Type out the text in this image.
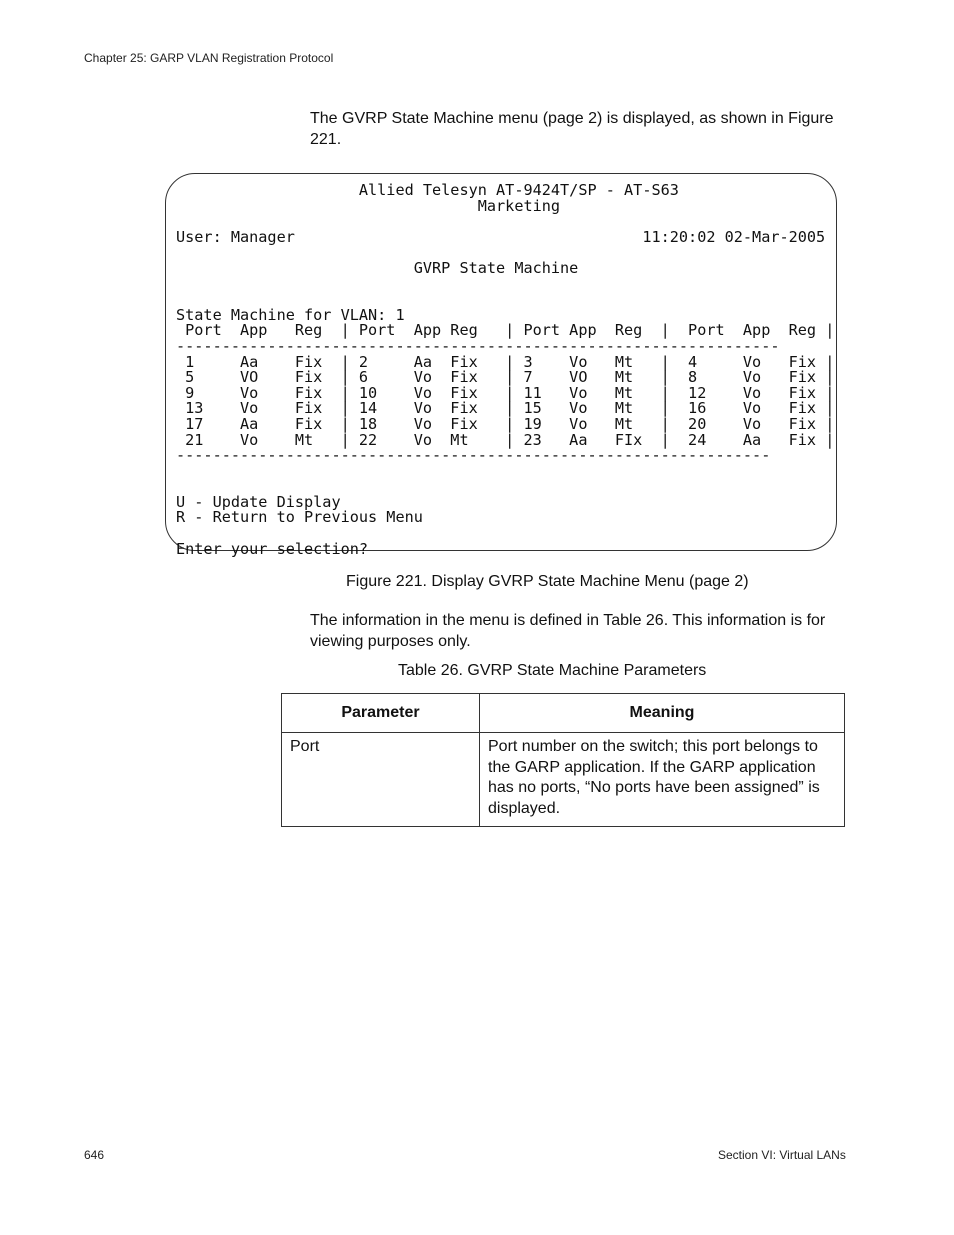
Chapter 25: GARP VLAN Registration Protocol
The GVRP State Machine menu (page 2) is displayed, as shown in Figure 221.
Allied Telesyn AT-9424T/SP - AT-S63
Marketing

User: Manager                                      11:20:02 02-Mar-2005

GVRP State Machine

State Machine for VLAN: 1
Port  App   Reg  | Port  App Reg   | Port App  Reg  |  Port  App  Reg |
------------------------------------------------------------------
1     Aa    Fix  | 2     Aa  Fix   | 3    Vo   Mt   |  4     Vo   Fix |
5     VO    Fix  | 6     Vo  Fix   | 7    VO   Mt   |  8     Vo   Fix |
9     Vo    Fix  | 10    Vo  Fix   | 11   Vo   Mt   |  12    Vo   Fix |
13    Vo    Fix  | 14    Vo  Fix   | 15   Vo   Mt   |  16    Vo   Fix |
17    Aa    Fix  | 18    Vo  Fix   | 19   Vo   Mt   |  20    Vo   Fix |
21    Vo    Mt   | 22    Vo  Mt    | 23   Aa   FIx  |  24    Aa   Fix |
-----------------------------------------------------------------

U - Update Display
R - Return to Previous Menu

Enter your selection?
Figure 221. Display GVRP State Machine Menu (page 2)
The information in the menu is defined in Table 26. This information is for viewing purposes only.
Table 26. GVRP State Machine Parameters
Parameter	Meaning
Port	Port number on the switch; this port belongs to the GARP application. If the GARP application has no ports, “No ports have been assigned” is displayed.
646	Section VI: Virtual LANs
